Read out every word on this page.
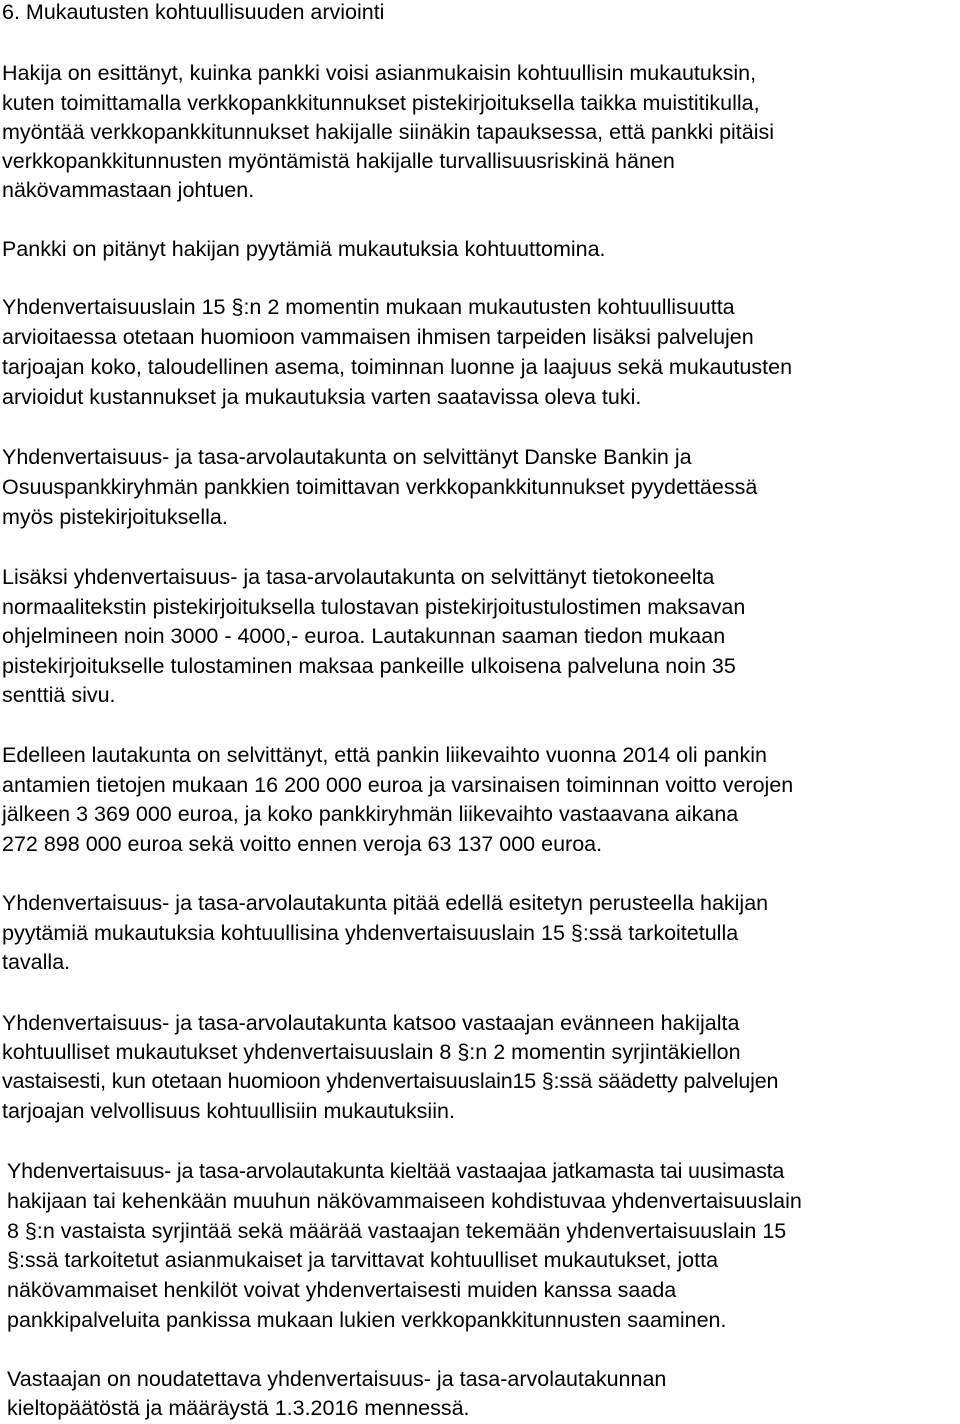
6. Mukautusten kohtuullisuuden arviointi
Hakija on esittänyt, kuinka pankki voisi asianmukaisin kohtuullisin mukautuksin,
kuten toimittamalla verkkopankkitunnukset pistekirjoituksella taikka muistitikulla,
myöntää verkkopankkitunnukset hakijalle siinäkin tapauksessa, että pankki pitäisi
verkkopankkitunnusten myöntämistä hakijalle turvallisuusriskinä hänen
näkövammastaan johtuen.
Pankki on pitänyt hakijan pyytämiä mukautuksia kohtuuttomina.
Yhdenvertaisuuslain 15 §:n 2 momentin mukaan mukautusten kohtuullisuutta
arvioitaessa otetaan huomioon vammaisen ihmisen tarpeiden lisäksi palvelujen
tarjoajan koko, taloudellinen asema, toiminnan luonne ja laajuus sekä mukautusten
arvioidut kustannukset ja mukautuksia varten saatavissa oleva tuki.
Yhdenvertaisuus- ja tasa-arvolautakunta on selvittänyt Danske Bankin ja
Osuuspankkiryhmän pankkien toimittavan verkkopankkitunnukset pyydettäessä
myös pistekirjoituksella.
Lisäksi yhdenvertaisuus- ja tasa-arvolautakunta on selvittänyt tietokoneelta
normaalitekstin pistekirjoituksella tulostavan pistekirjoitustulostimen maksavan
ohjelmineen noin 3000 - 4000,- euroa. Lautakunnan saaman tiedon mukaan
pistekirjoitukselle tulostaminen maksaa pankeille ulkoisena palveluna noin 35
senttiä sivu.
Edelleen lautakunta on selvittänyt, että pankin liikevaihto vuonna 2014 oli pankin
antamien tietojen mukaan 16 200 000 euroa ja varsinaisen toiminnan voitto verojen
jälkeen 3 369 000 euroa, ja koko pankkiryhmän liikevaihto vastaavana aikana
272 898 000 euroa sekä voitto ennen veroja 63 137 000 euroa.
Yhdenvertaisuus- ja tasa-arvolautakunta pitää edellä esitetyn perusteella hakijan
pyytämiä mukautuksia kohtuullisina yhdenvertaisuuslain 15 §:ssä tarkoitetulla
tavalla.
Yhdenvertaisuus- ja tasa-arvolautakunta katsoo vastaajan evänneen hakijalta
kohtuulliset mukautukset yhdenvertaisuuslain 8 §:n 2 momentin syrjintäkiellon
vastaisesti, kun otetaan huomioon yhdenvertaisuuslain15 §:ssä säädetty palvelujen
tarjoajan velvollisuus kohtuullisiin mukautuksiin.
Yhdenvertaisuus- ja tasa-arvolautakunta kieltää vastaajaa jatkamasta tai uusimasta
hakijaan tai kehenkään muuhun näkövammaiseen kohdistuvaa yhdenvertaisuuslain
8 §:n vastaista syrjintää sekä määrää vastaajan tekemään yhdenvertaisuuslain 15
§:ssä tarkoitetut asianmukaiset ja tarvittavat kohtuulliset mukautukset, jotta
näkövammaiset henkilöt voivat yhdenvertaisesti muiden kanssa saada
pankkipalveluita pankissa mukaan lukien verkkopankkitunnusten saaminen.
Vastaajan on noudatettava yhdenvertaisuus- ja tasa-arvolautakunnan
kieltopäätöstä ja määräystä 1.3.2016 mennessä.
